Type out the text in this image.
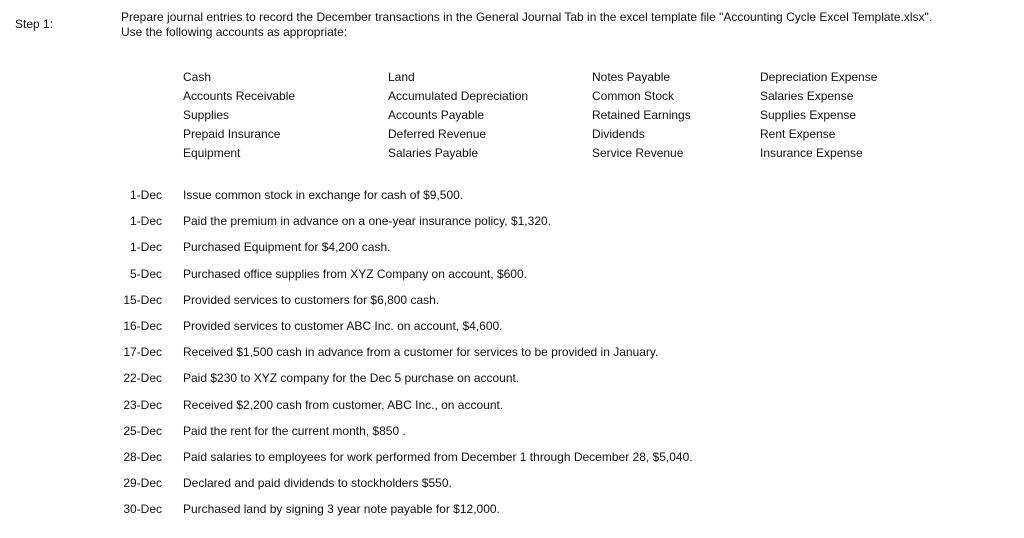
Step 1:	Prepare journal entries to record the December transactions in the General Journal Tab in the excel template file "Accounting Cycle Excel Template.xlsx". Use the following accounts as appropriate:
Cash
Accounts Receivable
Supplies
Prepaid Insurance
Equipment
Land
Accumulated Depreciation
Accounts Payable
Deferred Revenue
Salaries Payable
Notes Payable
Common Stock
Retained Earnings
Dividends
Service Revenue
Depreciation Expense
Salaries Expense
Supplies Expense
Rent Expense
Insurance Expense
1-Dec Issue common stock in exchange for cash of $9,500.
1-Dec Paid the premium in advance on a one-year insurance policy, $1,320.
1-Dec Purchased Equipment for $4,200 cash.
5-Dec Purchased office supplies from XYZ Company on account, $600.
15-Dec Provided services to customers for $6,800 cash.
16-Dec Provided services to customer ABC Inc. on account, $4,600.
17-Dec Received $1,500 cash in advance from a customer for services to be provided in January.
22-Dec Paid $230 to XYZ company for the Dec 5 purchase on account.
23-Dec Received $2,200 cash from customer, ABC Inc., on account.
25-Dec Paid the rent for the current month, $850 .
28-Dec Paid salaries to employees for work performed from December 1 through December 28, $5,040.
29-Dec Declared and paid dividends to stockholders $550.
30-Dec Purchased land by signing 3 year note payable for $12,000.
